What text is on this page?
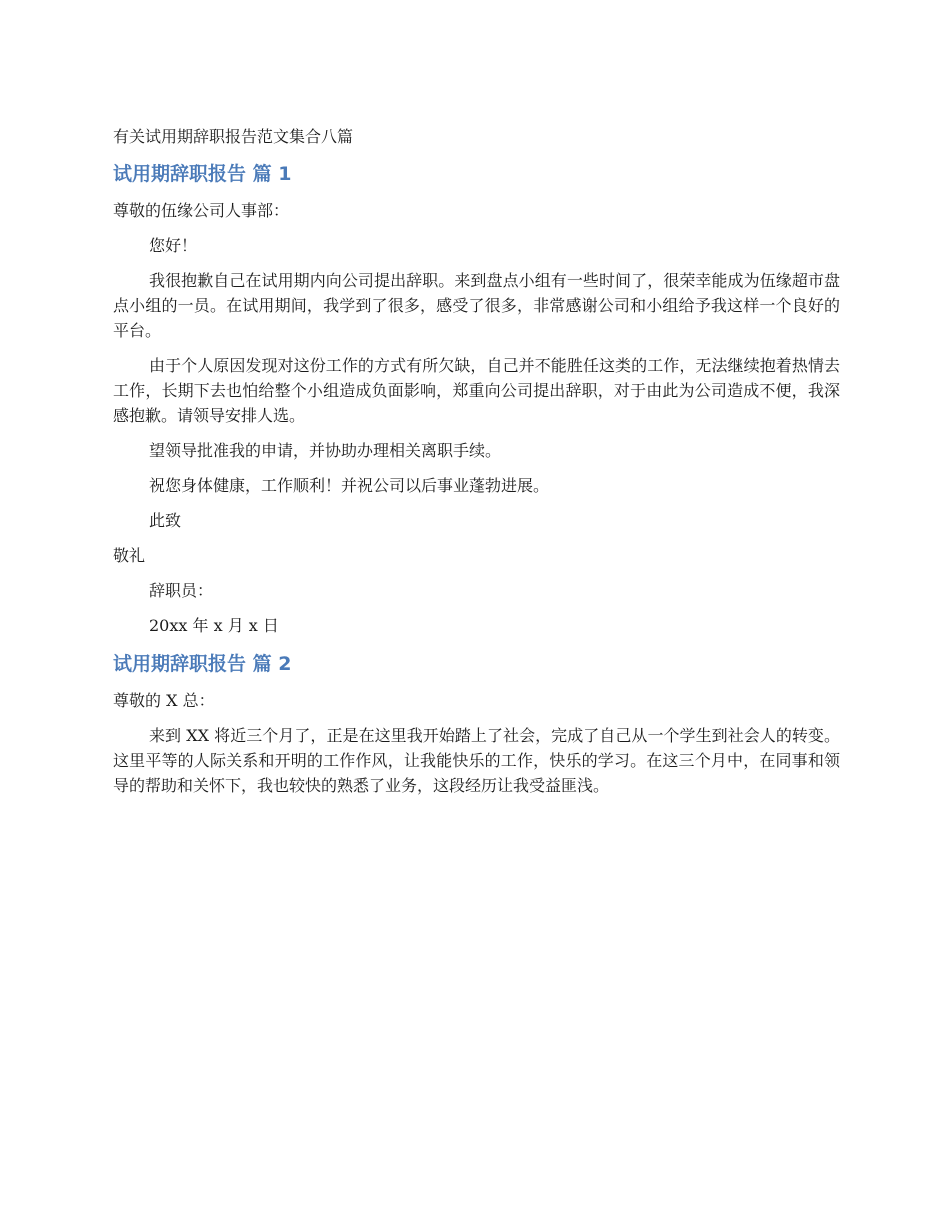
有关试用期辞职报告范文集合八篇
试用期辞职报告 篇 1
尊敬的伍缘公司人事部：
您好！
我很抱歉自己在试用期内向公司提出辞职。来到盘点小组有一些时间了，很荣幸能成为伍缘超市盘点小组的一员。在试用期间，我学到了很多，感受了很多，非常感谢公司和小组给予我这样一个良好的平台。
由于个人原因发现对这份工作的方式有所欠缺，自己并不能胜任这类的工作，无法继续抱着热情去工作，长期下去也怕给整个小组造成负面影响，郑重向公司提出辞职，对于由此为公司造成不便，我深感抱歉。请领导安排人选。
望领导批准我的申请，并协助办理相关离职手续。
祝您身体健康，工作顺利！并祝公司以后事业蓬勃进展。
此致
敬礼
辞职员：
20xx 年 x 月 x 日
试用期辞职报告 篇 2
尊敬的 X 总：
来到 XX 将近三个月了，正是在这里我开始踏上了社会，完成了自己从一个学生到社会人的转变。这里平等的人际关系和开明的工作作风，让我能快乐的工作，快乐的学习。在这三个月中，在同事和领导的帮助和关怀下，我也较快的熟悉了业务，这段经历让我受益匪浅。
